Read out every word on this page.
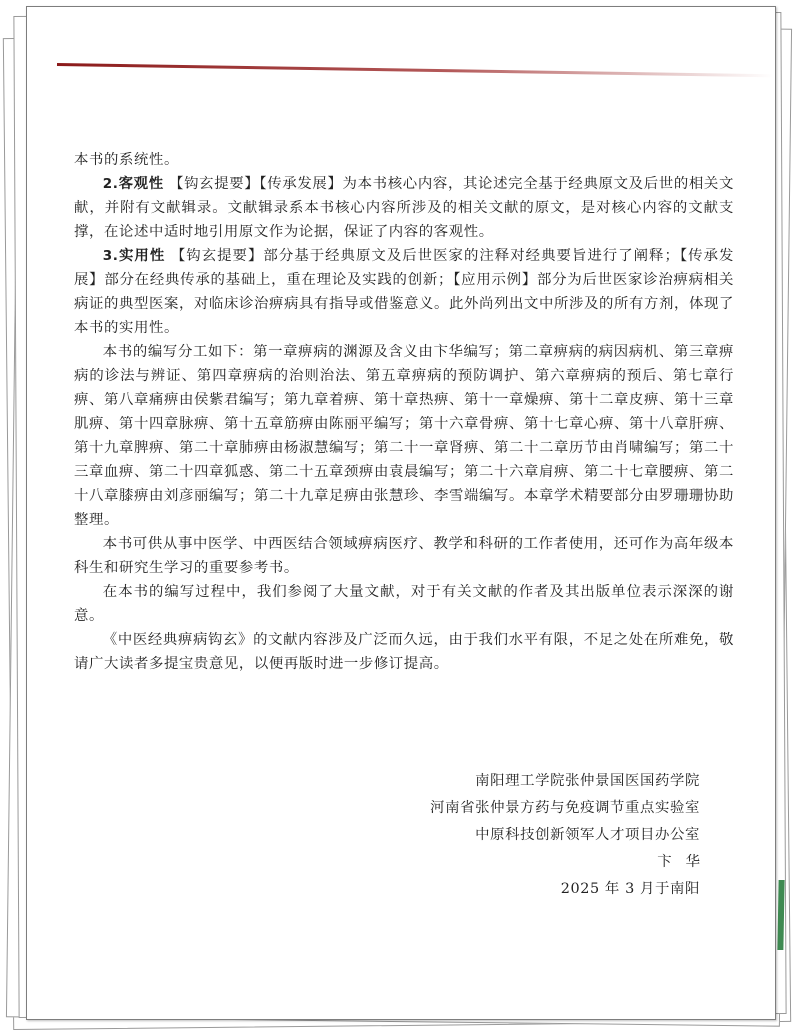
本书的系统性。

2.客观性 【钩玄提要】【传承发展】为本书核心内容，其论述完全基于经典原文及后世的相关文献，并附有文献辑录。文献辑录系本书核心内容所涉及的相关文献的原文，是对核心内容的文献支撑，在论述中适时地引用原文作为论据，保证了内容的客观性。

3.实用性 【钩玄提要】部分基于经典原文及后世医家的注释对经典要旨进行了阐释；【传承发展】部分在经典传承的基础上，重在理论及实践的创新；【应用示例】部分为后世医家诊治痹病相关病证的典型医案，对临床诊治痹病具有指导或借鉴意义。此外尚列出文中所涉及的所有方剂，体现了本书的实用性。

本书的编写分工如下：第一章痹病的渊源及含义由卞华编写；第二章痹病的病因病机、第三章痹病的诊法与辨证、第四章痹病的治则治法、第五章痹病的预防调护、第六章痹病的预后、第七章行痹、第八章痛痹由侯紫君编写；第九章着痹、第十章热痹、第十一章燥痹、第十二章皮痹、第十三章肌痹、第十四章脉痹、第十五章筋痹由陈丽平编写；第十六章骨痹、第十七章心痹、第十八章肝痹、第十九章脾痹、第二十章肺痹由杨淑慧编写；第二十一章肾痹、第二十二章历节由肖啸编写；第二十三章血痹、第二十四章狐惑、第二十五章颈痹由袁晨编写；第二十六章肩痹、第二十七章腰痹、第二十八章膝痹由刘彦丽编写；第二十九章足痹由张慧珍、李雪端编写。本章学术精要部分由罗珊珊协助整理。

本书可供从事中医学、中西医结合领域痹病医疗、教学和科研的工作者使用，还可作为高年级本科生和研究生学习的重要参考书。

在本书的编写过程中，我们参阅了大量文献，对于有关文献的作者及其出版单位表示深深的谢意。

《中医经典痹病钩玄》的文献内容涉及广泛而久远，由于我们水平有限，不足之处在所难免，敬请广大读者多提宝贵意见，以便再版时进一步修订提高。

南阳理工学院张仲景国医国药学院
河南省张仲景方药与免疫调节重点实验室
中原科技创新领军人才项目办公室
卞华
2025 年 3 月于南阳
